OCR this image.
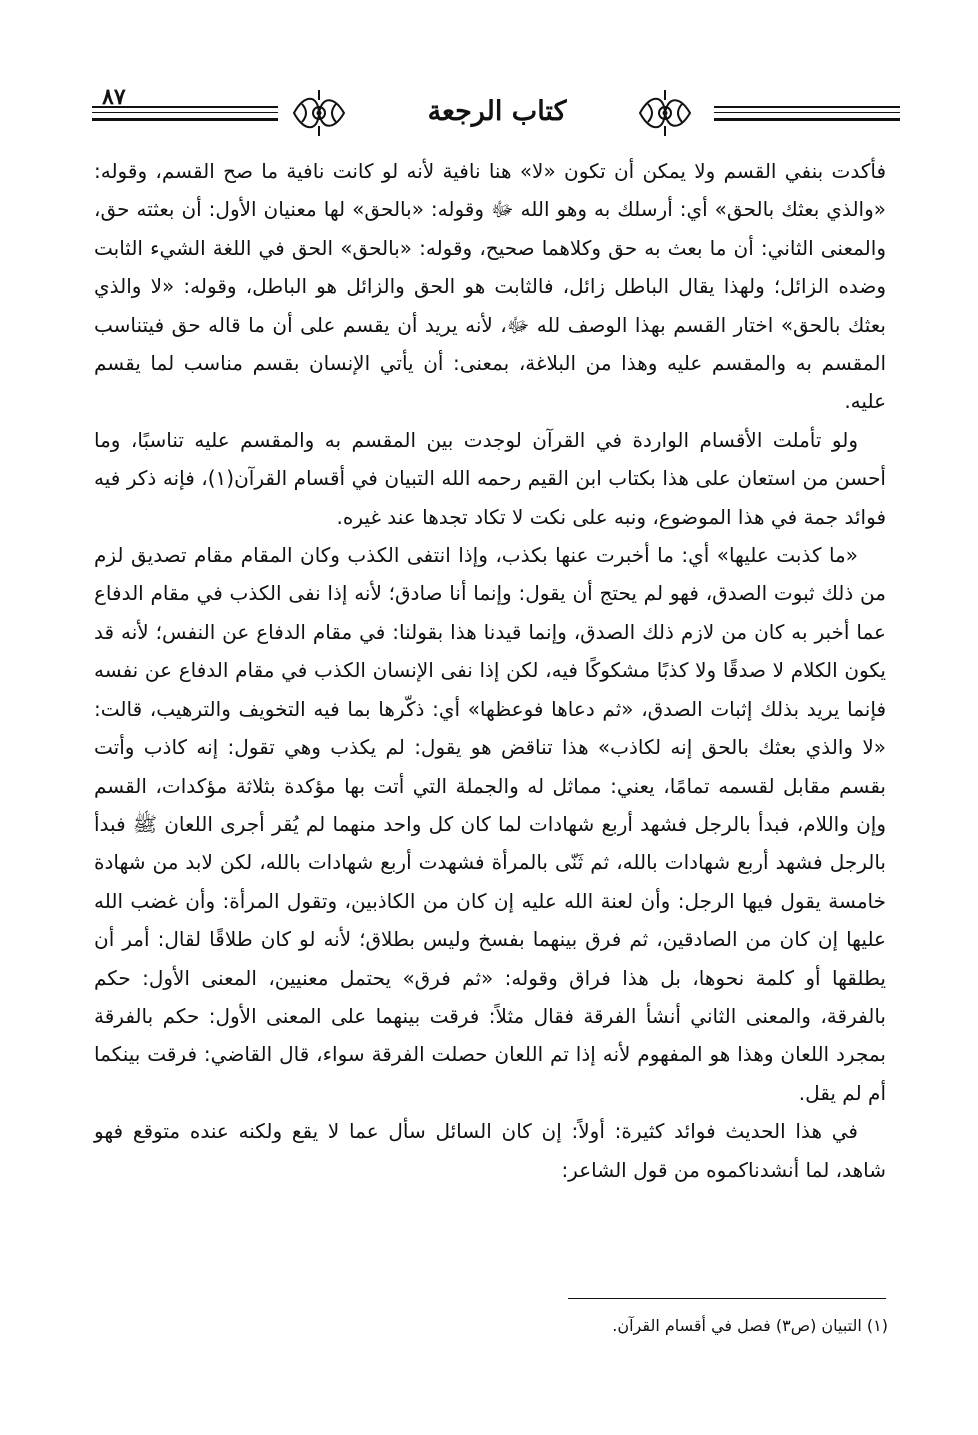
٨٧	كتاب الرجعة

فأكدت بنفي القسم ولا يمكن أن تكون «لا» هنا نافية لأنه لو كانت نافية ما صح القسم، وقوله: «والذي بعثك بالحق» أي: أرسلك به وهو الله ﷻ وقوله: «بالحق» لها معنيان الأول: أن بعثته حق، والمعنى الثاني: أن ما بعث به حق وكلاهما صحيح، وقوله: «بالحق» الحق في اللغة الشيء الثابت وضده الزائل؛ ولهذا يقال الباطل زائل، فالثابت هو الحق والزائل هو الباطل، وقوله: «لا والذي بعثك بالحق» اختار القسم بهذا الوصف لله ﷻ، لأنه يريد أن يقسم على أن ما قاله حق فيتناسب المقسم به والمقسم عليه وهذا من البلاغة، بمعنى: أن يأتي الإنسان بقسم مناسب لما يقسم عليه.

ولو تأملت الأقسام الواردة في القرآن لوجدت بين المقسم به والمقسم عليه تناسبًا، وما أحسن من استعان على هذا بكتاب ابن القيم رحمه الله التبيان في أقسام القرآن(١)، فإنه ذكر فيه فوائد جمة في هذا الموضوع، ونبه على نكت لا تكاد تجدها عند غيره.

«ما كذبت عليها» أي: ما أخبرت عنها بكذب، وإذا انتفى الكذب وكان المقام مقام تصديق لزم من ذلك ثبوت الصدق، فهو لم يحتج أن يقول: وإنما أنا صادق؛ لأنه إذا نفى الكذب في مقام الدفاع عما أخبر به كان من لازم ذلك الصدق، وإنما قيدنا هذا بقولنا: في مقام الدفاع عن النفس؛ لأنه قد يكون الكلام لا صدقًا ولا كذبًا مشكوكًا فيه، لكن إذا نفى الإنسان الكذب في مقام الدفاع عن نفسه فإنما يريد بذلك إثبات الصدق، «ثم دعاها فوعظها» أي: ذكّرها بما فيه التخويف والترهيب، قالت: «لا والذي بعثك بالحق إنه لكاذب» هذا تناقض هو يقول: لم يكذب وهي تقول: إنه كاذب وأتت بقسم مقابل لقسمه تمامًا، يعني: مماثل له والجملة التي أتت بها مؤكدة بثلاثة مؤكدات، القسم وإن واللام، فبدأ بالرجل فشهد أربع شهادات لما كان كل واحد منهما لم يُقر أجرى اللعان ﷺ فبدأ بالرجل فشهد أربع شهادات بالله، ثم ثَنّى بالمرأة فشهدت أربع شهادات بالله، لكن لابد من شهادة خامسة يقول فيها الرجل: وأن لعنة الله عليه إن كان من الكاذبين، وتقول المرأة: وأن غضب الله عليها إن كان من الصادقين، ثم فرق بينهما بفسخ وليس بطلاق؛ لأنه لو كان طلاقًا لقال: أمر أن يطلقها أو كلمة نحوها، بل هذا فراق وقوله: «ثم فرق» يحتمل معنيين، المعنى الأول: حكم بالفرقة، والمعنى الثاني أنشأ الفرقة فقال مثلاً: فرقت بينهما على المعنى الأول: حكم بالفرقة بمجرد اللعان وهذا هو المفهوم لأنه إذا تم اللعان حصلت الفرقة سواء، قال القاضي: فرقت بينكما أم لم يقل.

في هذا الحديث فوائد كثيرة: أولاً: إن كان السائل سأل عما لا يقع ولكنه عنده متوقع فهو شاهد، لما أنشدناكموه من قول الشاعر:

(١) التبيان (ص٣) فصل في أقسام القرآن.
